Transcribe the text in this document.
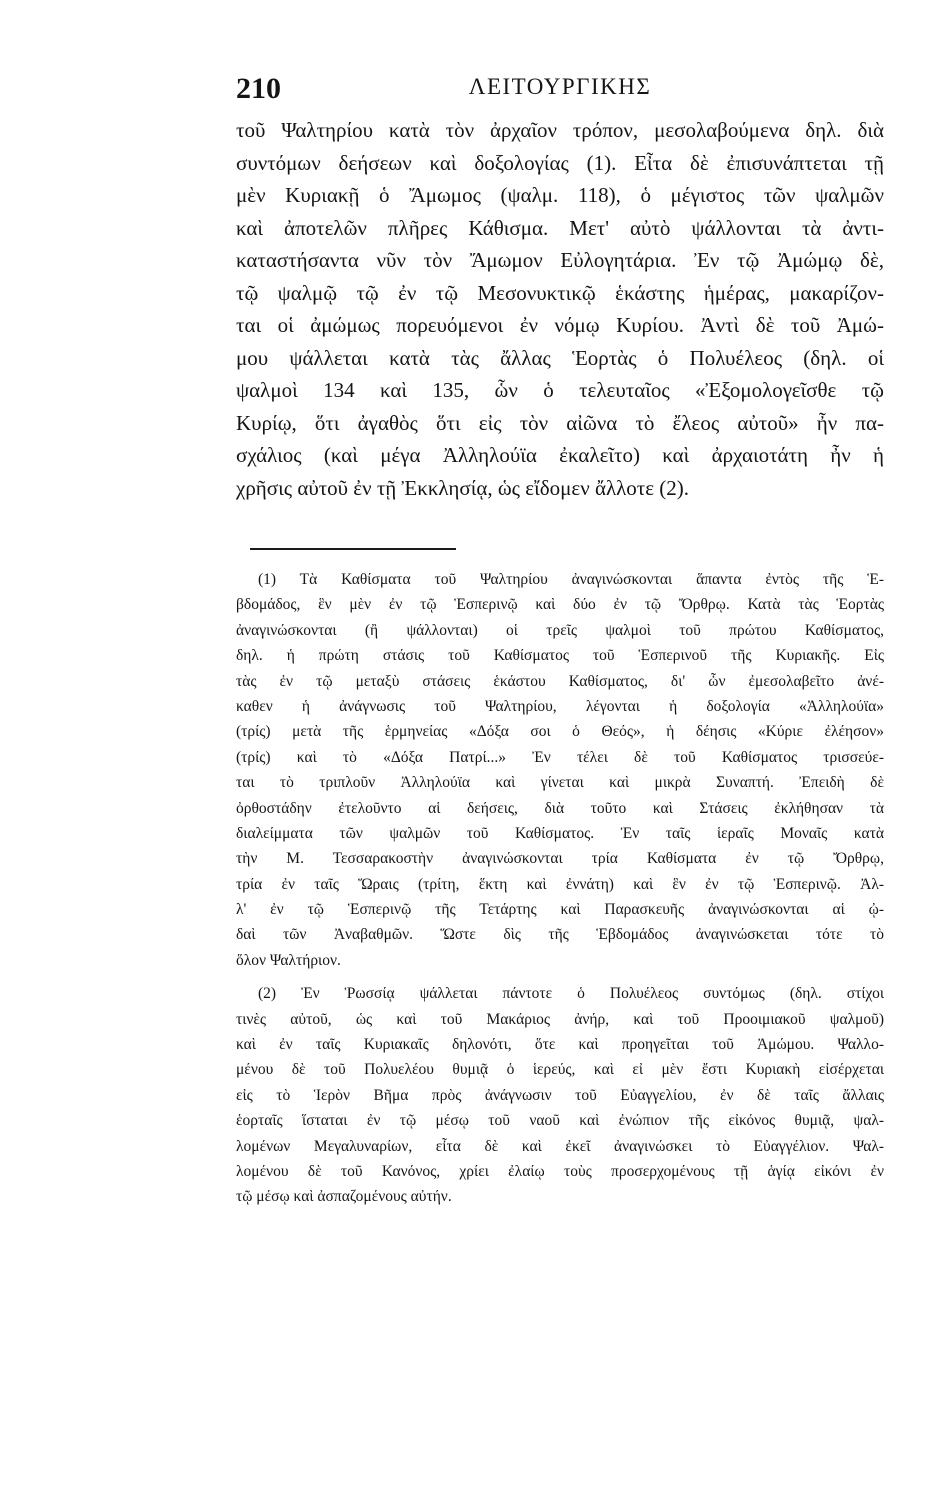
210	ΛΕΙΤΟΥΡΓΙΚΗΣ
τοῦ Ψαλτηρίου κατὰ τὸν ἀρχαῖον τρόπον, μεσολαβούμενα δηλ. διὰ
συντόμων δεήσεων καὶ δοξολογίας (1). Εἶτα δὲ ἐπισυνάπτεται τῇ
μὲν Κυριακῇ ὁ Ἄμωμος (ψαλμ. 118), ὁ μέγιστος τῶν ψαλμῶν
καὶ ἀποτελῶν πλῆρες Κάθισμα. Μετ' αὐτὸ ψάλλονται τὰ ἀντι-
καταστήσαντα νῦν τὸν Ἄμωμον Εὐλογητάρια. Ἐν τῷ Ἀμώμῳ δὲ,
τῷ ψαλμῷ τῷ ἐν τῷ Μεσονυκτικῷ ἑκάστης ἡμέρας, μακαρίζον-
ται οἱ ἀμώμως πορευόμενοι ἐν νόμῳ Κυρίου. Ἀντὶ δὲ τοῦ Ἀμώ-
μου ψάλλεται κατὰ τὰς ἄλλας Ἑορτὰς ὁ Πολυέλεος (δηλ. οἱ
ψαλμοὶ 134 καὶ 135, ὧν ὁ τελευταῖος «Ἐξομολογεῖσθε τῷ
Κυρίῳ, ὅτι ἀγαθὸς ὅτι εἰς τὸν αἰῶνα τὸ ἔλεος αὐτοῦ» ἦν πα-
σχάλιος (καὶ μέγα Ἀλληλούϊα ἐκαλεῖτο) καὶ ἀρχαιοτάτη ἦν ἡ
χρῆσις αὐτοῦ ἐν τῇ Ἐκκλησίᾳ, ὡς εἴδομεν ἄλλοτε (2).
(1) Τὰ Καθίσματα τοῦ Ψαλτηρίου ἀναγινώσκονται ἅπαντα ἐντὸς τῆς Ἑ-
βδομάδος, ἓν μὲν ἐν τῷ Ἑσπερινῷ καὶ δύο ἐν τῷ Ὄρθρῳ. Κατὰ τὰς Ἑορτὰς
ἀναγινώσκονται (ἢ ψάλλονται) οἱ τρεῖς ψαλμοὶ τοῦ πρώτου Καθίσματος,
δηλ. ἡ πρώτη στάσις τοῦ Καθίσματος τοῦ Ἑσπερινοῦ τῆς Κυριακῆς. Εἰς
τὰς ἐν τῷ μεταξὺ στάσεις ἑκάστου Καθίσματος, δι' ὧν ἐμεσολαβεῖτο ἀνέ-
καθεν ἡ ἀνάγνωσις τοῦ Ψαλτηρίου, λέγονται ἡ δοξολογία «Ἀλληλούϊα»
(τρίς) μετὰ τῆς ἑρμηνείας «Δόξα σοι ὁ Θεός», ἡ δέησις «Κύριε ἐλέησον»
(τρίς) καὶ τὸ «Δόξα Πατρί...» Ἐν τέλει δὲ τοῦ Καθίσματος τρισσεύε-
ται τὸ τριπλοῦν Ἀλληλούϊα καὶ γίνεται καὶ μικρὰ Συναπτή. Ἐπειδὴ δὲ
ὀρθοστάδην ἐτελοῦντο αἱ δεήσεις, διὰ τοῦτο καὶ Στάσεις ἐκλήθησαν τὰ
διαλείμματα τῶν ψαλμῶν τοῦ Καθίσματος. Ἐν ταῖς ἱεραῖς Μοναῖς κατὰ
τὴν Μ. Τεσσαρακοστὴν ἀναγινώσκονται τρία Καθίσματα ἐν τῷ Ὄρθρῳ,
τρία ἐν ταῖς Ὥραις (τρίτη, ἕκτη καὶ ἐννάτη) καὶ ἓν ἐν τῷ Ἑσπερινῷ. Ἀλ-
λ' ἐν τῷ Ἑσπερινῷ τῆς Τετάρτης καὶ Παρασκευῆς ἀναγινώσκονται αἱ ᾠ-
δαὶ τῶν Ἀναβαθμῶν. Ὥστε δὶς τῆς Ἑβδομάδος ἀναγινώσκεται τότε τὸ
ὅλον Ψαλτήριον.
(2) Ἐν Ῥωσσίᾳ ψάλλεται πάντοτε ὁ Πολυέλεος συντόμως (δηλ. στίχοι
τινὲς αὐτοῦ, ὡς καὶ τοῦ Μακάριος ἀνήρ, καὶ τοῦ Προοιμιακοῦ ψαλμοῦ)
καὶ ἐν ταῖς Κυριακαῖς δηλονότι, ὅτε καὶ προηγεῖται τοῦ Ἀμώμου. Ψαλλο-
μένου δὲ τοῦ Πολυελέου θυμιᾷ ὁ ἱερεύς, καὶ εἰ μὲν ἔστι Κυριακὴ εἰσέρχεται
εἰς τὸ Ἱερὸν Βῆμα πρὸς ἀνάγνωσιν τοῦ Εὐαγγελίου, ἐν δὲ ταῖς ἄλλαις
ἑορταῖς ἵσταται ἐν τῷ μέσῳ τοῦ ναοῦ καὶ ἐνώπιον τῆς εἰκόνος θυμιᾷ, ψαλ-
λομένων Μεγαλυναρίων, εἶτα δὲ καὶ ἐκεῖ ἀναγινώσκει τὸ Εὐαγγέλιον. Ψαλ-
λομένου δὲ τοῦ Κανόνος, χρίει ἐλαίῳ τοὺς προσερχομένους τῇ ἁγίᾳ εἰκόνι ἐν
τῷ μέσῳ καὶ ἀσπαζομένους αὐτήν.
